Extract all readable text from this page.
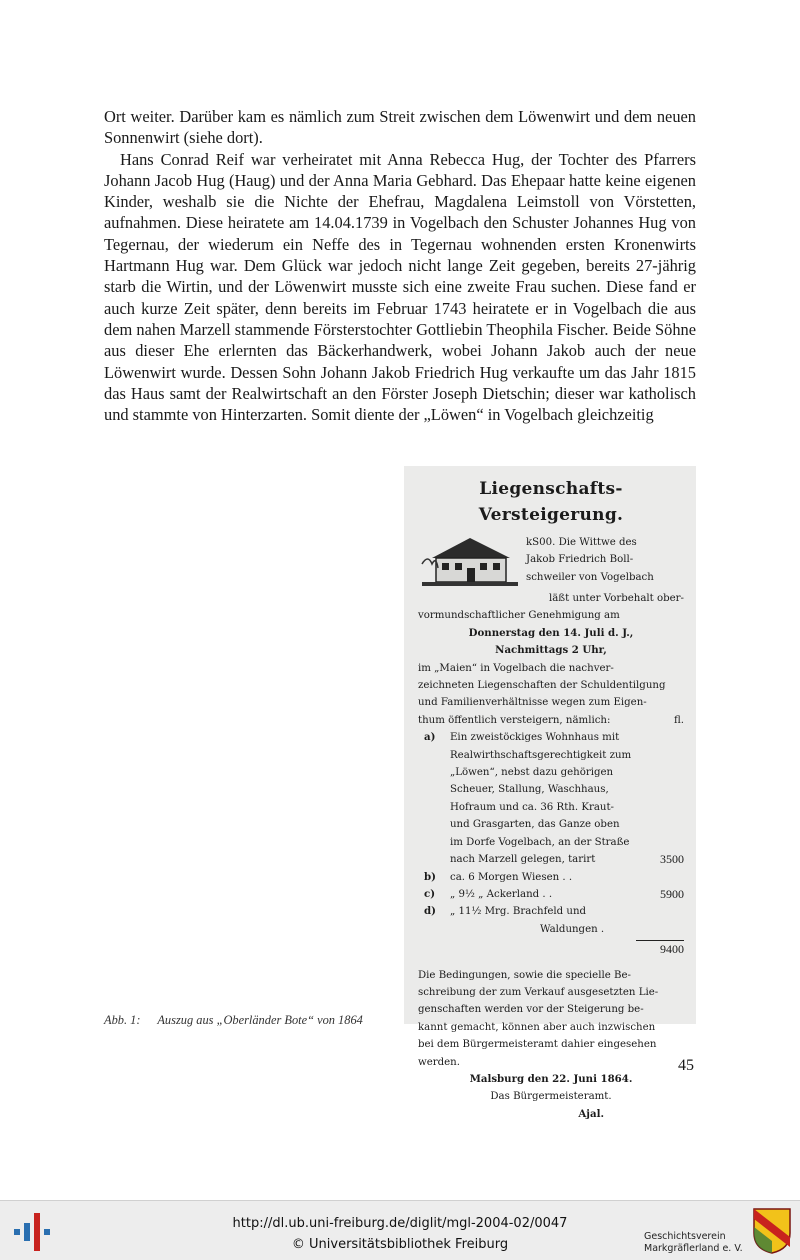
Ort weiter. Darüber kam es nämlich zum Streit zwischen dem Löwenwirt und dem neuen Sonnenwirt (siehe dort).

Hans Conrad Reif war verheiratet mit Anna Rebecca Hug, der Tochter des Pfarrers Johann Jacob Hug (Haug) und der Anna Maria Gebhard. Das Ehepaar hatte keine eigenen Kinder, weshalb sie die Nichte der Ehefrau, Magdalena Leimstoll von Vörstetten, aufnahmen. Diese heiratete am 14.04.1739 in Vogelbach den Schuster Johannes Hug von Tegernau, der wiederum ein Neffe des in Tegernau wohnenden ersten Kronenwirts Hartmann Hug war. Dem Glück war jedoch nicht lange Zeit gegeben, bereits 27-jährig starb die Wirtin, und der Löwenwirt musste sich eine zweite Frau suchen. Diese fand er auch kurze Zeit später, denn bereits im Februar 1743 heiratete er in Vogelbach die aus dem nahen Marzell stammende Försterstochter Gottliebin Theophila Fischer. Beide Söhne aus dieser Ehe erlernten das Bäckerhandwerk, wobei Johann Jakob auch der neue Löwenwirt wurde. Dessen Sohn Johann Jakob Friedrich Hug verkaufte um das Jahr 1815 das Haus samt der Realwirtschaft an den Förster Joseph Dietschin; dieser war katholisch und stammte von Hinterzarten. Somit diente der „Löwen“ in Vogelbach gleichzeitig

Liegenschafts-Versteigerung.
kS00. Die Wittwe des
Jakob Friedrich Boll-
schweiler von Vogelbach
läßt unter Vorbehalt ober-
vormundschaftlicher Genehmigung am
Donnerstag den 14. Juli d. J.,
Nachmittags 2 Uhr,
im „Maien“ in Vogelbach die nachver-
zeichneten Liegenschaften der Schuldentilgung
und Familienverhältnisse wegen zum Eigen-
thum öffentlich versteigern, nämlich:	fl.
a)	Ein zweistöckiges Wohnhaus mit
Realwirthschaftsgerechtigkeit zum
„Löwen“, nebst dazu gehörigen
Scheuer, Stallung, Waschhaus,
Hofraum und ca. 36 Rth. Kraut-
und Grasgarten, das Ganze oben
im Dorfe Vogelbach, an der Straße
nach Marzell gelegen, tarirt	3500
b)	ca. 6 Morgen Wiesen . .
c)	„ 9½ „ Ackerland . .	5900
d)	„ 11½ Mrg. Brachfeld und
Waldungen .
9400
Die Bedingungen, sowie die specielle Be-
schreibung der zum Verkauf ausgesetzten Lie-
genschaften werden vor der Steigerung be-
kannt gemacht, können aber auch inzwischen
bei dem Bürgermeisteramt dahier eingesehen
werden.
Malsburg den 22. Juni 1864.
Das Bürgermeisteramt.
Ajal.
Abb. 1: Auszug aus „Oberländer Bote“ von 1864
45
http://dl.ub.uni-freiburg.de/diglit/mgl-2004-02/0047
© Universitätsbibliothek Freiburg
Geschichtsverein
Markgräflerland e. V.
